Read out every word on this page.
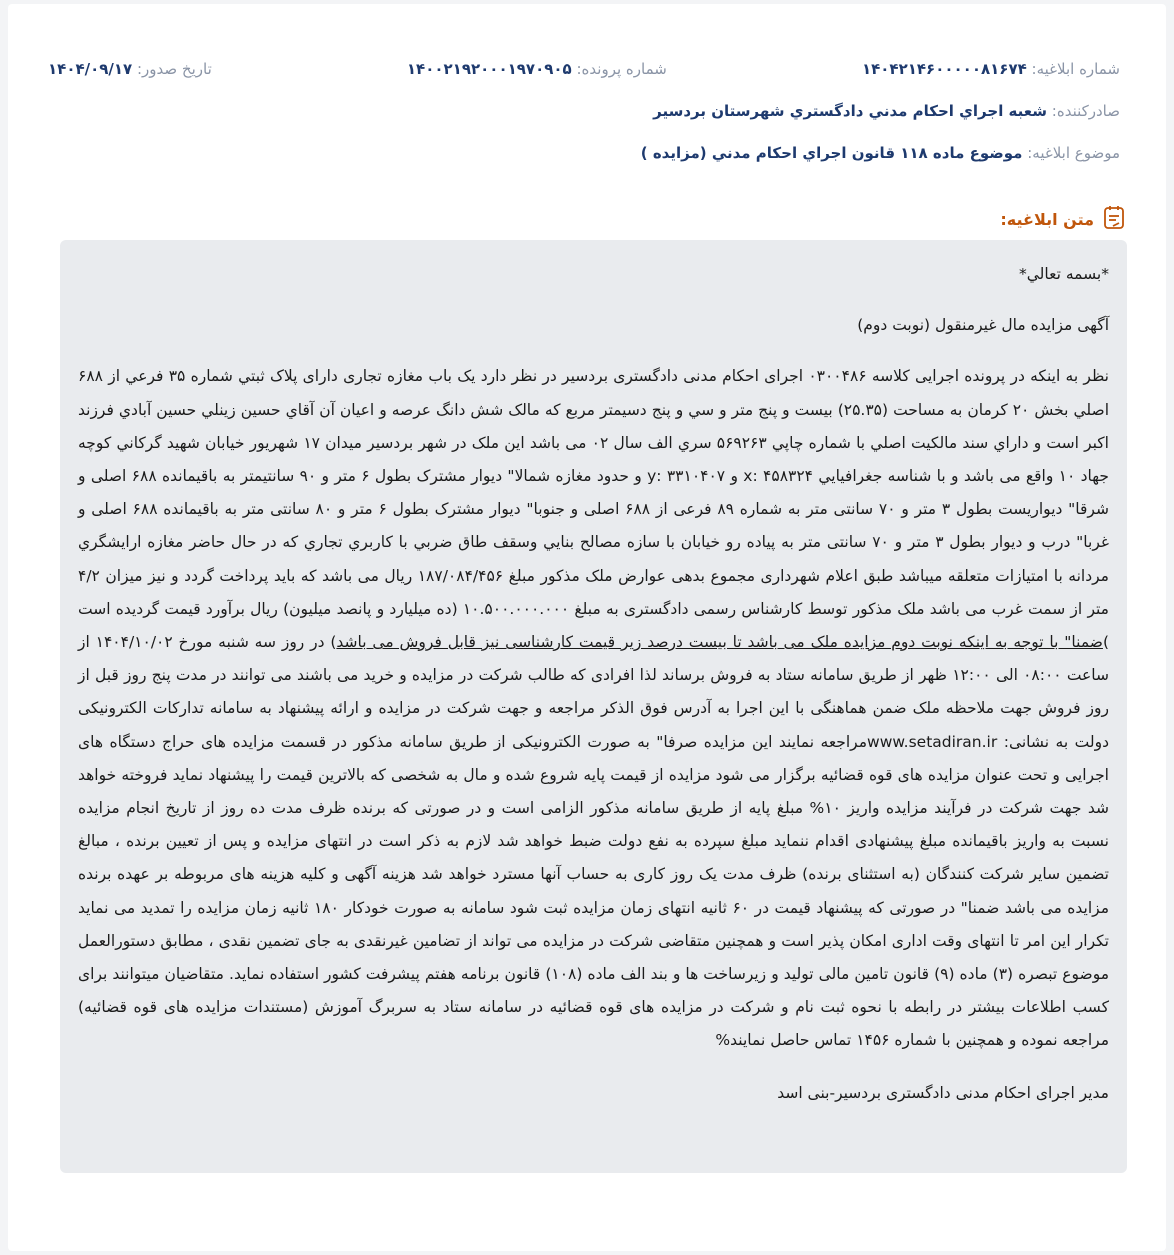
شماره ابلاغیه: ۱۴۰۴۲۱۴۶۰۰۰۰۰۸۱۶۷۴
شماره پرونده: ۱۴۰۰۲۱۹۲۰۰۰۱۹۷۰۹۰۵
تاریخ صدور: ۱۴۰۴/۰۹/۱۷
صادرکننده: شعبه اجراي احکام مدني دادگستري شهرستان بردسير
موضوع ابلاغیه: موضوع ماده ۱۱۸ قانون اجراي احکام مدني (مزايده )
متن ابلاغیه:

*بسمه تعالي*

آگهی مزايده مال غيرمنقول (نوبت دوم)

نظر به اینکه در پرونده اجرایی کلاسه ۰۳۰۰۴۸۶ اجرای احکام مدنی دادگستری بردسیر در نظر دارد یک باب مغازه تجاری دارای پلاک ثبتي شماره ۳۵ فرعي از ۶۸۸ اصلي بخش ۲۰ کرمان به مساحت (۲۵.۳۵) بيست و پنج متر و سي و پنج دسيمتر مربع که مالک شش دانگ عرصه و اعيان آن آقاي حسين زينلي حسين آبادي فرزند اکبر است و داراي سند مالکيت اصلي با شماره چاپي ۵۶۹۲۶۳ سري الف سال ۰۲ می باشد اين ملک در شهر بردسير ميدان ۱۷ شهريور خيابان شهيد گرکاني کوچه جهاد ۱۰ واقع می باشد و با شناسه جغرافيايي ۴۵۸۳۲۴ :x و ۳۳۱۰۴۰۷ :y و حدود مغازه شمالا" ديوار مشترک بطول ۶ متر و ۹۰ سانتيمتر به باقيمانده ۶۸۸ اصلی و شرقا" ديواريست بطول ۳ متر و ۷۰ سانتی متر به شماره ۸۹ فرعی از ۶۸۸ اصلی و جنوبا" ديوار مشترک بطول ۶ متر و ۸۰ سانتی متر به باقیمانده ۶۸۸ اصلی و غربا" درب و دیوار بطول ۳ متر و ۷۰ سانتی متر به پیاده رو خیابان با سازه مصالح بنايي وسقف طاق ضربي با کاربري تجاري که در حال حاضر مغازه ارايشگري مردانه با امتیازات متعلقه میباشد طبق اعلام شهرداری مجموع بدهی عوارض ملک مذکور مبلغ ۱۸۷/۰۸۴/۴۵۶ ریال می باشد که باید پرداخت گردد و نیز میزان ۴/۲ متر از سمت غرب می باشد ملک مذکور توسط کارشناس رسمی دادگستری به مبلغ ۱۰.۵۰۰.۰۰۰.۰۰۰ (ده میلیارد و پانصد میلیون) ریال برآورد قیمت گردیده است )ضمنا" با توجه به اینکه نوبت دوم مزایده ملک می باشد تا بیست درصد زیر قیمت کارشناسی نیز قابل فروش می باشد) در روز سه شنبه مورخ ۱۴۰۴/۱۰/۰۲ از ساعت ۰۸:۰۰ الی ۱۲:۰۰ ظهر از طريق سامانه ستاد به فروش برساند لذا افرادی که طالب شرکت در مزايده و خريد می باشند می توانند در مدت پنج روز قبل از روز فروش جهت ملاحظه ملک ضمن هماهنگی با اين اجرا به آدرس فوق الذکر مراجعه و جهت شرکت در مزايده و ارائه پيشنهاد به سامانه تدارکات الکترونيکی دولت به نشانی: www.setadiran.irمراجعه نمايند اين مزايده صرفا" به صورت الکترونيکی از طريق سامانه مذکور در قسمت مزايده های حراج دستگاه های اجرايی و تحت عنوان مزايده های قوه قضائيه برگزار می شود مزايده از قيمت پايه شروع شده و مال به شخصی که بالاترين قيمت را پيشنهاد نمايد فروخته خواهد شد جهت شرکت در فرآيند مزايده واريز ۱۰% مبلغ پايه از طريق سامانه مذکور الزامی است و در صورتی که برنده ظرف مدت ده روز از تاريخ انجام مزايده نسبت به واريز باقيمانده مبلغ پيشنهادی اقدام ننمايد مبلغ سپرده به نفع دولت ضبط خواهد شد لازم به ذکر است در انتهای مزايده و پس از تعيين برنده ، مبالغ تضمين ساير شرکت کنندگان (به استثنای برنده) ظرف مدت يک روز کاری به حساب آنها مسترد خواهد شد هزينه آگهی و کليه هزينه های مربوطه بر عهده برنده مزايده می باشد ضمنا" در صورتی که پيشنهاد قيمت در ۶۰ ثانيه انتهای زمان مزايده ثبت شود سامانه به صورت خودکار ۱۸۰ ثانيه زمان مزايده را تمديد می نمايد تکرار اين امر تا انتهای وقت اداری امکان پذير است و همچنين متقاضی شرکت در مزايده می تواند از تضامين غيرنقدی به جای تضمين نقدی ، مطابق دستورالعمل موضوع تبصره (۳) ماده (۹) قانون تامين مالی توليد و زيرساخت ها و بند الف ماده (۱۰۸) قانون برنامه هفتم پيشرفت کشور استفاده نمايد. متقاضيان ميتوانند برای کسب اطلاعات بيشتر در رابطه با نحوه ثبت نام و شرکت در مزايده های قوه قضائيه در سامانه ستاد به سربرگ آموزش (مستندات مزايده های قوه قضائيه) مراجعه نموده و همچنين با شماره ۱۴۵۶ تماس حاصل نمايند%

مدير اجرای احکام مدنی دادگستری بردسير-بنی اسد
